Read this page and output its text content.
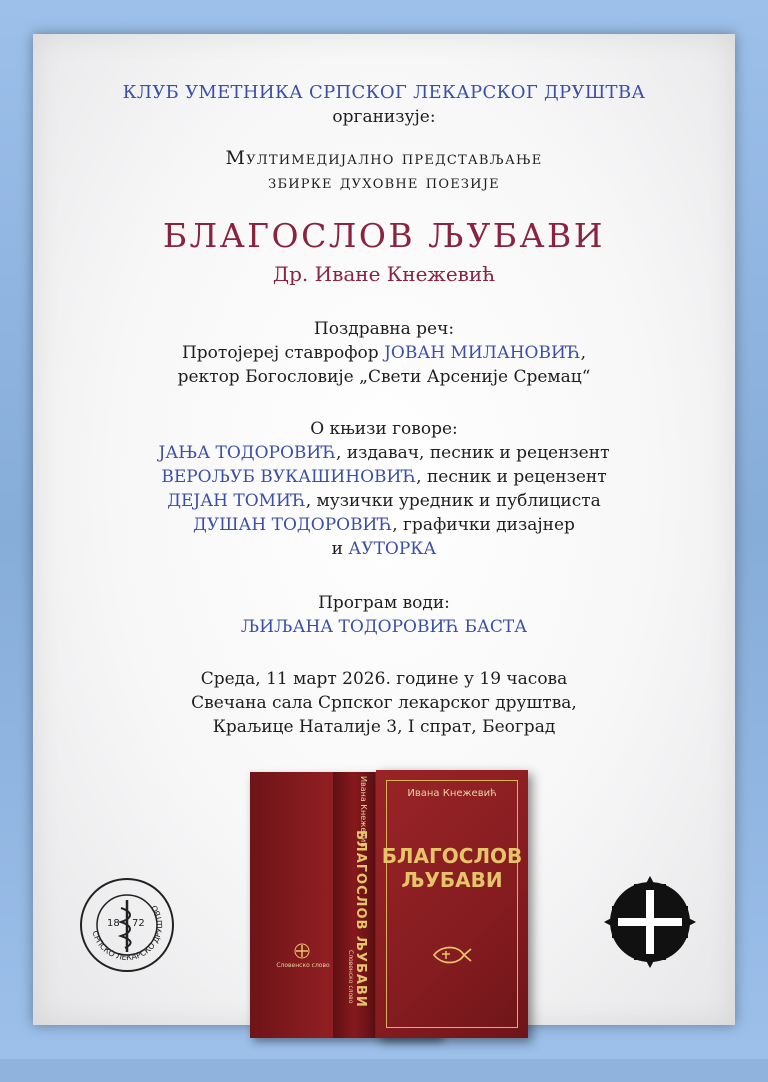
КЛУБ УМЕТНИКА СРПСКОГ ЛЕКАРСКОГ ДРУШТВА
организује:
Мултимедијално представљање
збирке духовне поезије
БЛАГОСЛОВ ЉУБАВИ
Др. Иване Кнежевић
Поздравна реч:
Протојереј ставрофор ЈОВАН МИЛАНОВИЋ,
ректор Богословије „Свети Арсеније Сремац“
О књизи говоре:
ЈАЊА ТОДОРОВИЋ, издавач, песник и рецензент
ВЕРОЉУБ ВУКАШИНОВИЋ, песник и рецензент
ДЕЈАН ТОМИЋ, музички уредник и публициста
ДУШАН ТОДОРОВИЋ, графички дизајнер
и АУТОРКА
Програм води:
ЉИЉАНА ТОДОРОВИЋ БАСТА
Среда, 11 март 2026. године у 19 часова
Свечана сала Српског лекарског друштва,
Краљице Наталије 3, I спрат, Београд
СРПСКО ЛЕКАРСКО ДРУШТВО
18 72
Словенско слово
Ивана Кнежевић
БЛАГОСЛОВ ЉУБАВИ
Словенско слово
Ивана Кнежевић
БЛАГОСЛОВ
ЉУБАВИ
